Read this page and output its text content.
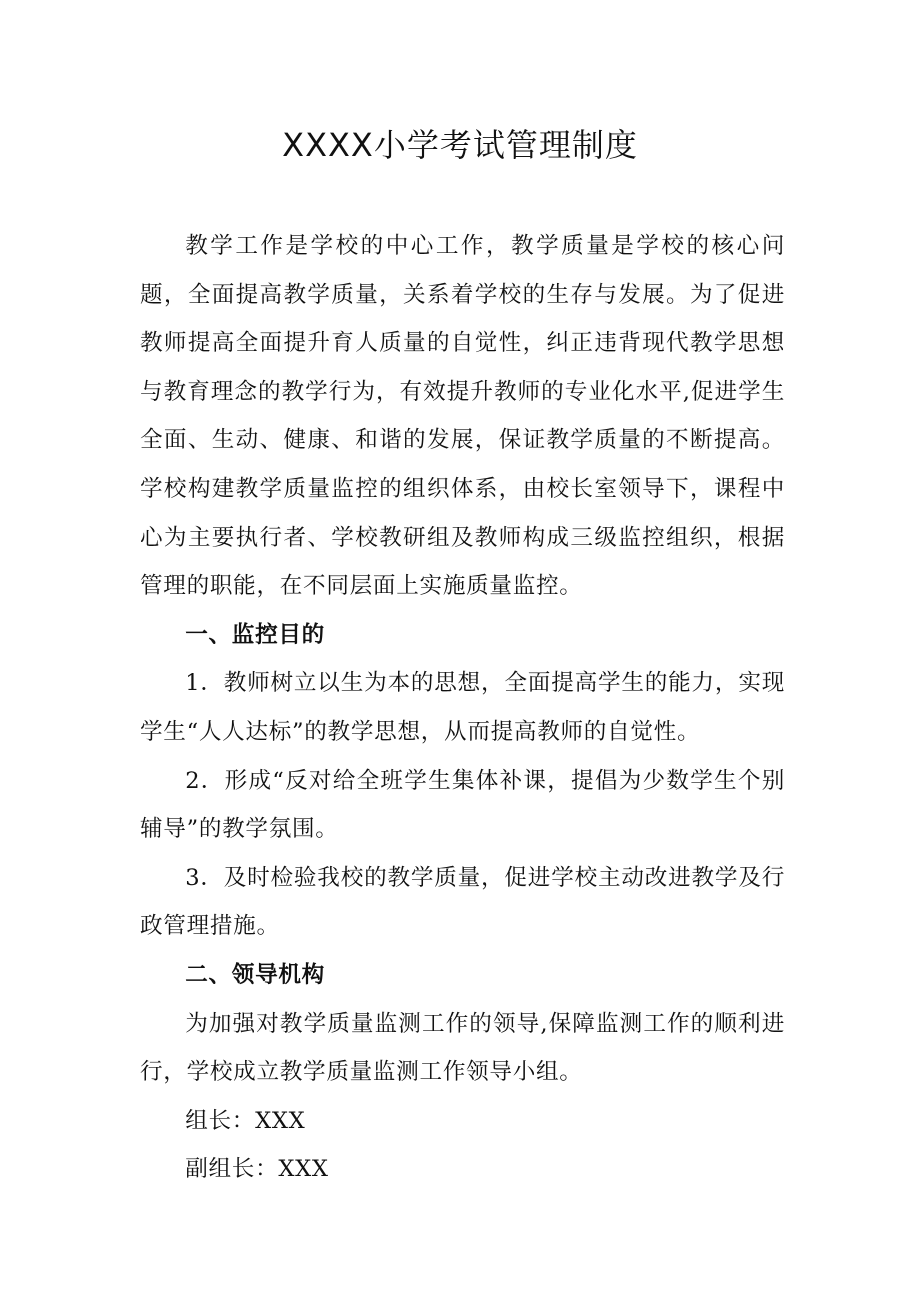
XXXX小学考试管理制度

教学工作是学校的中心工作，教学质量是学校的核心问题，全面提高教学质量，关系着学校的生存与发展。为了促进教师提高全面提升育人质量的自觉性，纠正违背现代教学思想与教育理念的教学行为，有效提升教师的专业化水平,促进学生全面、生动、健康、和谐的发展，保证教学质量的不断提高。学校构建教学质量监控的组织体系，由校长室领导下，课程中心为主要执行者、学校教研组及教师构成三级监控组织，根据管理的职能，在不同层面上实施质量监控。

一、监控目的

1．教师树立以生为本的思想，全面提高学生的能力，实现学生“人人达标”的教学思想，从而提高教师的自觉性。

2．形成“反对给全班学生集体补课，提倡为少数学生个别辅导”的教学氛围。

3．及时检验我校的教学质量，促进学校主动改进教学及行政管理措施。

二、领导机构

为加强对教学质量监测工作的领导,保障监测工作的顺利进行，学校成立教学质量监测工作领导小组。

组长：XXX

副组长：XXX
